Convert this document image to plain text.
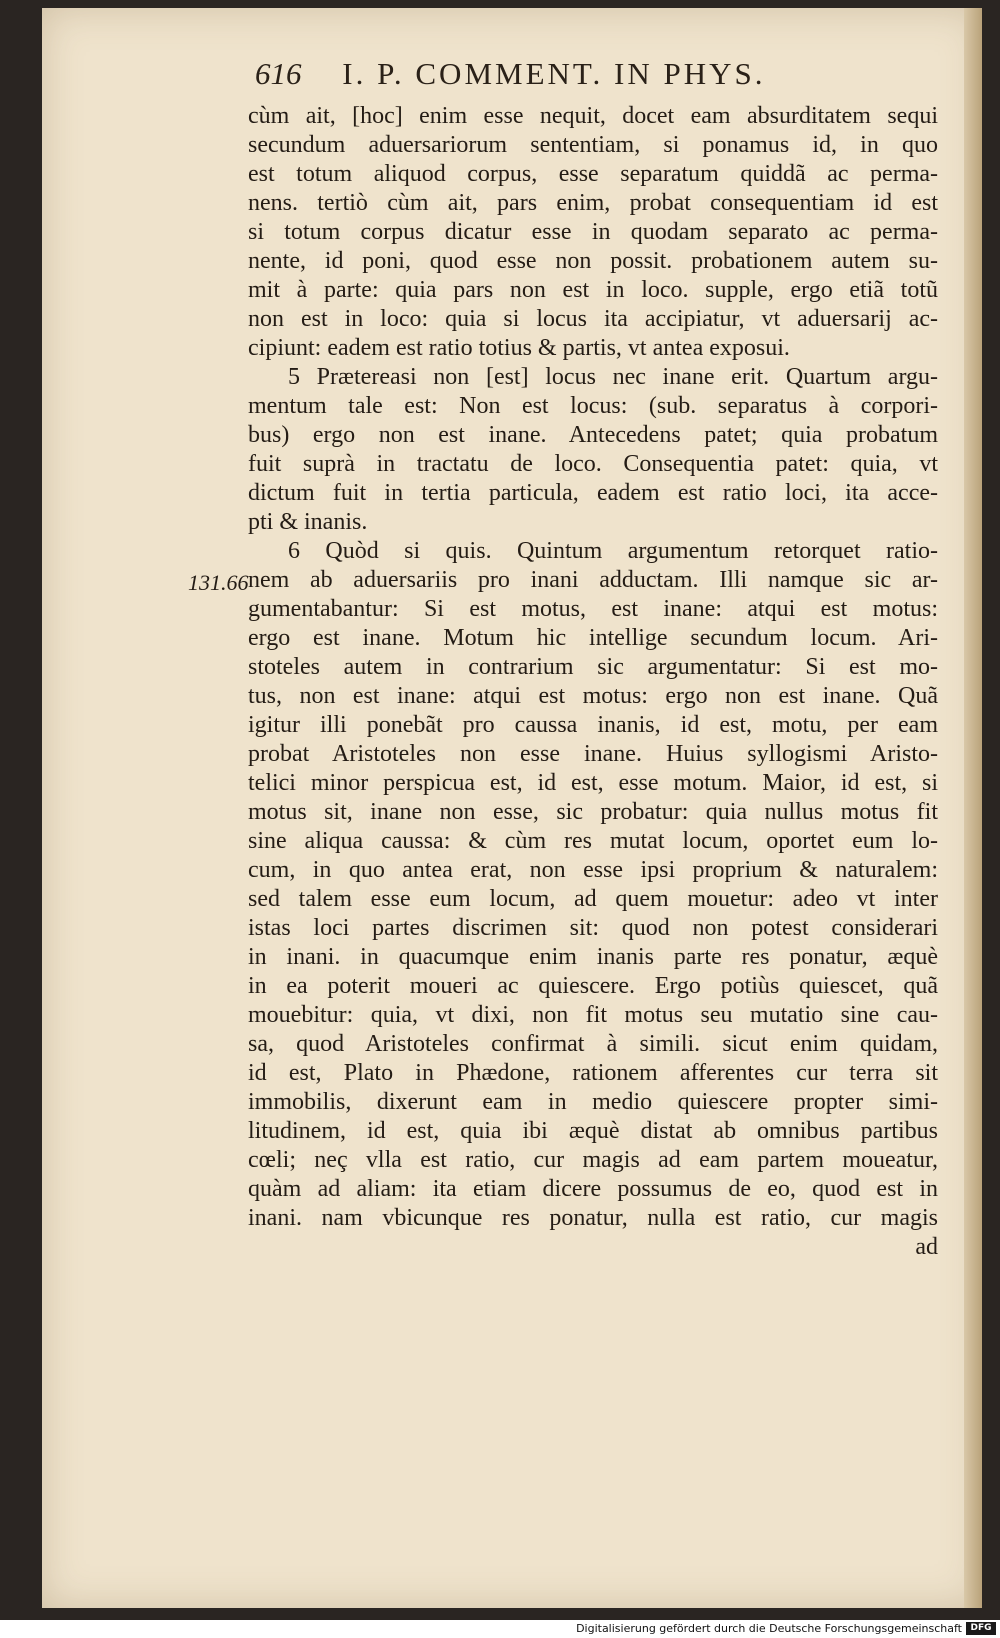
616 I. P. COMMENT. IN PHYS.
131.66
cùm ait, [hoc] enim esse nequit, docet eam absurditatem sequi
secundum aduersariorum sententiam, si ponamus id, in quo
est totum aliquod corpus, esse separatum quiddã ac perma-
nens. tertiò cùm ait, pars enim, probat consequentiam id est
si totum corpus dicatur esse in quodam separato ac perma-
nente, id poni, quod esse non possit. probationem autem su-
mit à parte: quia pars non est in loco. supple, ergo etiã totũ
non est in loco: quia si locus ita accipiatur, vt aduersarij ac-
cipiunt: eadem est ratio totius & partis, vt antea exposui.
5 Prætereasi non [est] locus nec inane erit. Quartum argu-
mentum tale est: Non est locus: (sub. separatus à corpori-
bus) ergo non est inane. Antecedens patet; quia probatum
fuit suprà in tractatu de loco. Consequentia patet: quia, vt
dictum fuit in tertia particula, eadem est ratio loci, ita acce-
pti & inanis.
6 Quòd si quis. Quintum argumentum retorquet ratio-
nem ab aduersariis pro inani adductam. Illi namque sic ar-
gumentabantur: Si est motus, est inane: atqui est motus:
ergo est inane. Motum hic intellige secundum locum. Ari-
stoteles autem in contrarium sic argumentatur: Si est mo-
tus, non est inane: atqui est motus: ergo non est inane. Quã
igitur illi ponebãt pro caussa inanis, id est, motu, per eam
probat Aristoteles non esse inane. Huius syllogismi Aristo-
telici minor perspicua est, id est, esse motum. Maior, id est, si
motus sit, inane non esse, sic probatur: quia nullus motus fit
sine aliqua caussa: & cùm res mutat locum, oportet eum lo-
cum, in quo antea erat, non esse ipsi proprium & naturalem:
sed talem esse eum locum, ad quem mouetur: adeo vt inter
istas loci partes discrimen sit: quod non potest considerari
in inani. in quacumque enim inanis parte res ponatur, æquè
in ea poterit moueri ac quiescere. Ergo potiùs quiescet, quã
mouebitur: quia, vt dixi, non fit motus seu mutatio sine cau-
sa, quod Aristoteles confirmat à simili. sicut enim quidam,
id est, Plato in Phædone, rationem afferentes cur terra sit
immobilis, dixerunt eam in medio quiescere propter simi-
litudinem, id est, quia ibi æquè distat ab omnibus partibus
cœli; neç vlla est ratio, cur magis ad eam partem moueatur,
quàm ad aliam: ita etiam dicere possumus de eo, quod est in
inani. nam vbicunque res ponatur, nulla est ratio, cur magis
ad
Digitalisierung gefördert durch die Deutsche Forschungsgemeinschaft DFG
